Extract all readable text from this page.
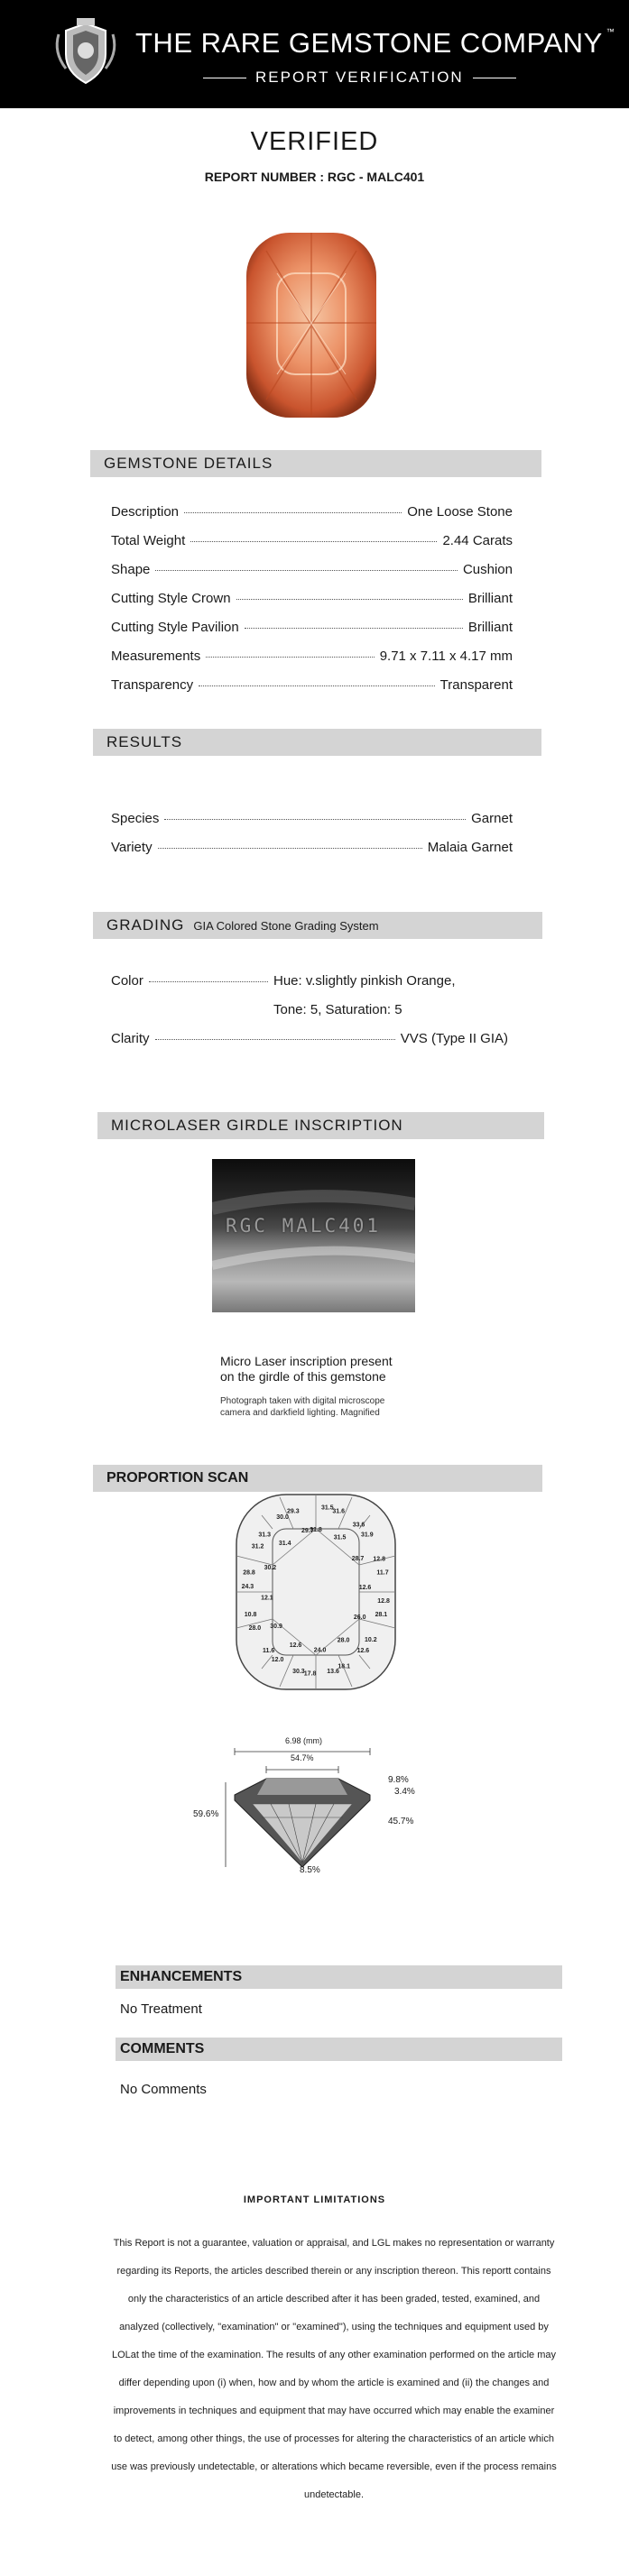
THE RARE GEMSTONE COMPANY ™
REPORT VERIFICATION
VERIFIED
REPORT NUMBER : RGC - MALC401
GEMSTONE DETAILS
Description	One Loose Stone
Total Weight	2.44 Carats
Shape	Cushion
Cutting Style Crown	Brilliant
Cutting Style Pavilion	Brilliant
Measurements	9.71 x 7.11 x 4.17 mm
Transparency	Transparent
RESULTS
Species	Garnet
Variety	Malaia Garnet
GRADING GIA Colored Stone Grading System
Color	Hue: v.slightly pinkish Orange,
Tone: 5, Saturation: 5
Clarity	VVS (Type II GIA)
MICROLASER GIRDLE INSCRIPTION
RGC MALC401
Micro Laser inscription present
on the girdle of this gemstone
Photograph taken with digital microscope
camera and darkfield lighting. Magnified
PROPORTION SCAN
31.8
31.5
31.6
31.5
33.6
31.9
28.7 12.8
11.7
12.6
12.8
28.1
26.0
10.2
12.6
28.0
18.1
13.6
24.0
17.8
30.3
12.6
12.0
11.6
30.9
28.0
10.8
12.1
24.3
28.8
30.2
31.2
31.3
31.4
30.0
29.3
29.7
6.98 (mm)
54.7%
59.6%
9.8%
3.4%
45.7%
8.5%
ENHANCEMENTS
No Treatment
COMMENTS
No Comments
IMPORTANT LIMITATIONS
This Report is not a guarantee, valuation or appraisal, and LGL makes no representation or warranty regarding its Reports, the articles described therein or any inscription thereon. This reportt contains only the characteristics of an article described after it has been graded, tested, examined, and analyzed (collectively, "examination" or "examined"), using the techniques and equipment used by LOLat the time of the examination. The results of any other examination performed on the article may differ depending upon (i) when, how and by whom the article is examined and (ii) the changes and improvements in techniques and equipment that may have occurred which may enable the examiner to detect, among other things, the use of processes for altering the characteristics of an article which use was previously undetectable, or alterations which became reversible, even if the process remains undetectable.
